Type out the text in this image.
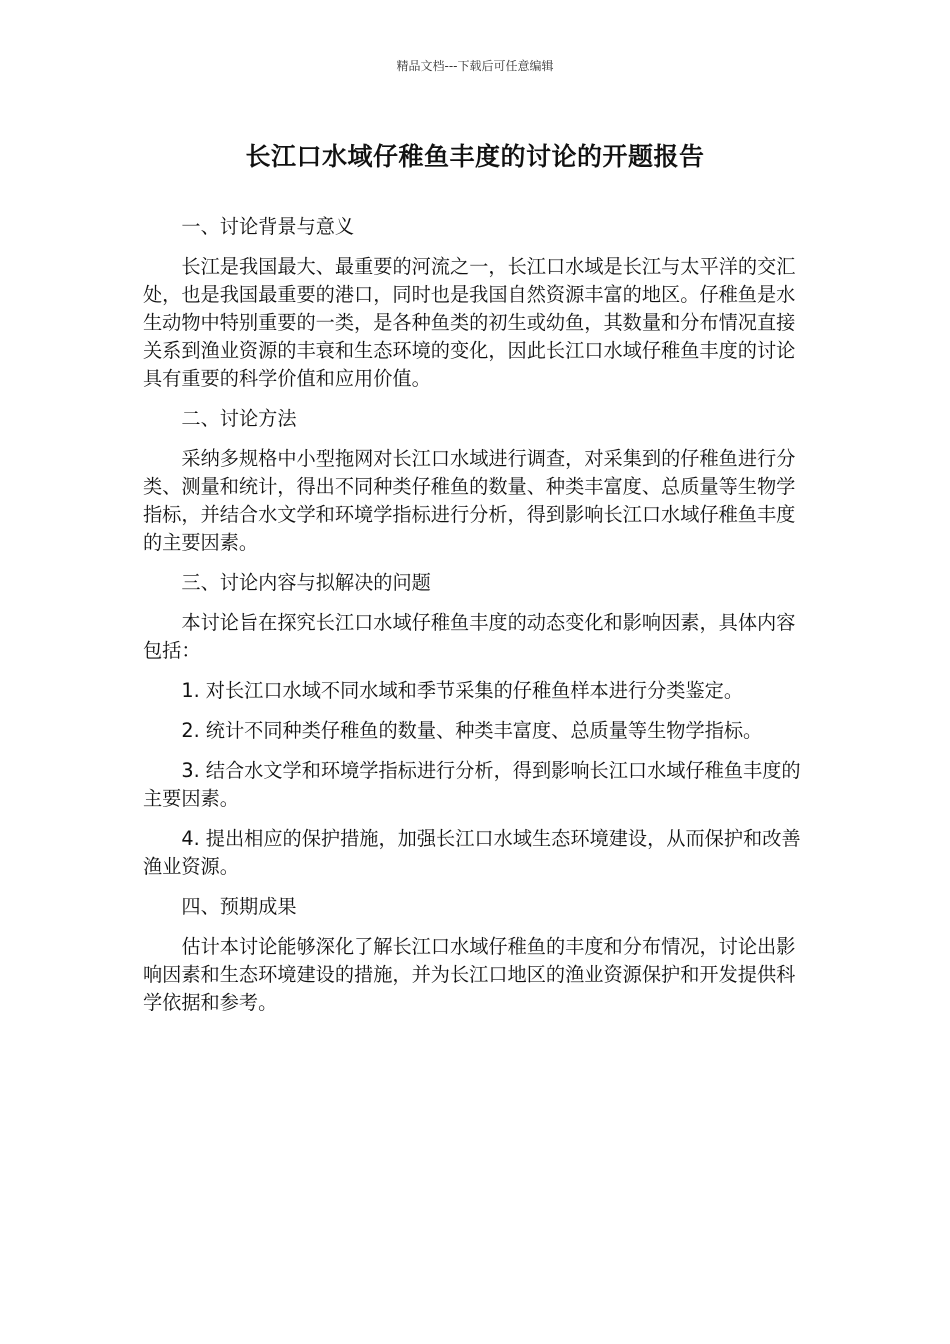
精品文档---下载后可任意编辑
长江口水域仔稚鱼丰度的讨论的开题报告

一、讨论背景与意义

长江是我国最大、最重要的河流之一，长江口水域是长江与太平洋的交汇处，也是我国最重要的港口，同时也是我国自然资源丰富的地区。仔稚鱼是水生动物中特别重要的一类，是各种鱼类的初生或幼鱼，其数量和分布情况直接关系到渔业资源的丰衰和生态环境的变化，因此长江口水域仔稚鱼丰度的讨论具有重要的科学价值和应用价值。

二、讨论方法

采纳多规格中小型拖网对长江口水域进行调查，对采集到的仔稚鱼进行分类、测量和统计，得出不同种类仔稚鱼的数量、种类丰富度、总质量等生物学指标，并结合水文学和环境学指标进行分析，得到影响长江口水域仔稚鱼丰度的主要因素。

三、讨论内容与拟解决的问题

本讨论旨在探究长江口水域仔稚鱼丰度的动态变化和影响因素，具体内容包括：

1. 对长江口水域不同水域和季节采集的仔稚鱼样本进行分类鉴定。

2. 统计不同种类仔稚鱼的数量、种类丰富度、总质量等生物学指标。

3. 结合水文学和环境学指标进行分析，得到影响长江口水域仔稚鱼丰度的主要因素。

4. 提出相应的保护措施，加强长江口水域生态环境建设，从而保护和改善渔业资源。

四、预期成果

估计本讨论能够深化了解长江口水域仔稚鱼的丰度和分布情况，讨论出影响因素和生态环境建设的措施，并为长江口地区的渔业资源保护和开发提供科学依据和参考。
